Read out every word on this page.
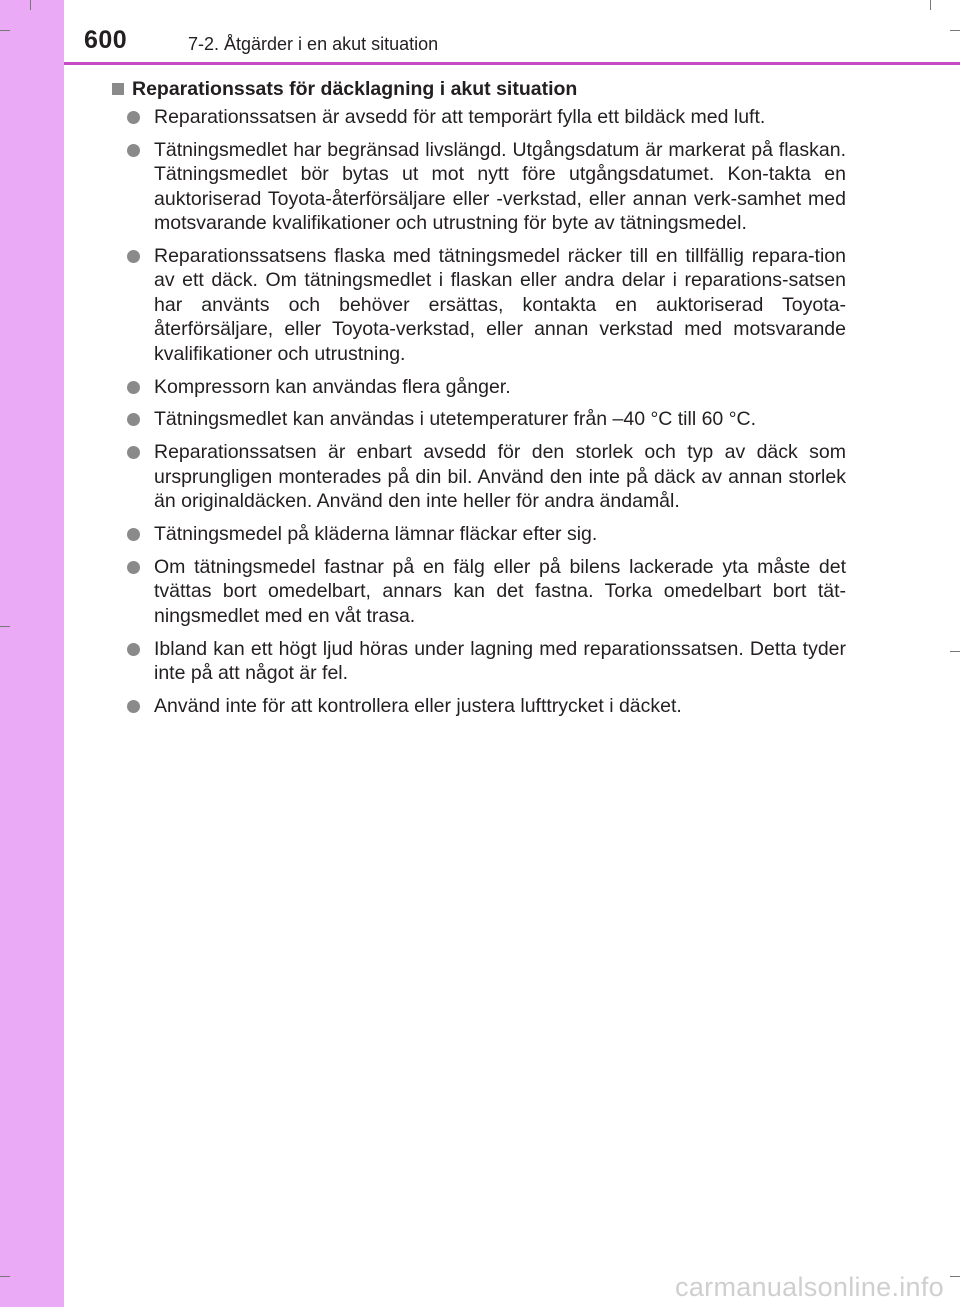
600	7-2. Åtgärder i en akut situation
Reparationssats för däcklagning i akut situation
Reparationssatsen är avsedd för att temporärt fylla ett bildäck med luft.
Tätningsmedlet har begränsad livslängd. Utgångsdatum är markerat på flaskan. Tätningsmedlet bör bytas ut mot nytt före utgångsdatumet. Kon-takta en auktoriserad Toyota-återförsäljare eller -verkstad, eller annan verk-samhet med motsvarande kvalifikationer och utrustning för byte av tätningsmedel.
Reparationssatsens flaska med tätningsmedel räcker till en tillfällig repara-tion av ett däck. Om tätningsmedlet i flaskan eller andra delar i reparations-satsen har använts och behöver ersättas, kontakta en auktoriserad Toyota-återförsäljare, eller Toyota-verkstad, eller annan verkstad med motsvarande kvalifikationer och utrustning.
Kompressorn kan användas flera gånger.
Tätningsmedlet kan användas i utetemperaturer från –40 °C till 60 °C.
Reparationssatsen är enbart avsedd för den storlek och typ av däck som ursprungligen monterades på din bil. Använd den inte på däck av annan storlek än originaldäcken. Använd den inte heller för andra ändamål.
Tätningsmedel på kläderna lämnar fläckar efter sig.
Om tätningsmedel fastnar på en fälg eller på bilens lackerade yta måste det tvättas bort omedelbart, annars kan det fastna. Torka omedelbart bort tät-ningsmedlet med en våt trasa.
Ibland kan ett högt ljud höras under lagning med reparationssatsen. Detta tyder inte på att något är fel.
Använd inte för att kontrollera eller justera lufttrycket i däcket.
carmanualsonline.info
